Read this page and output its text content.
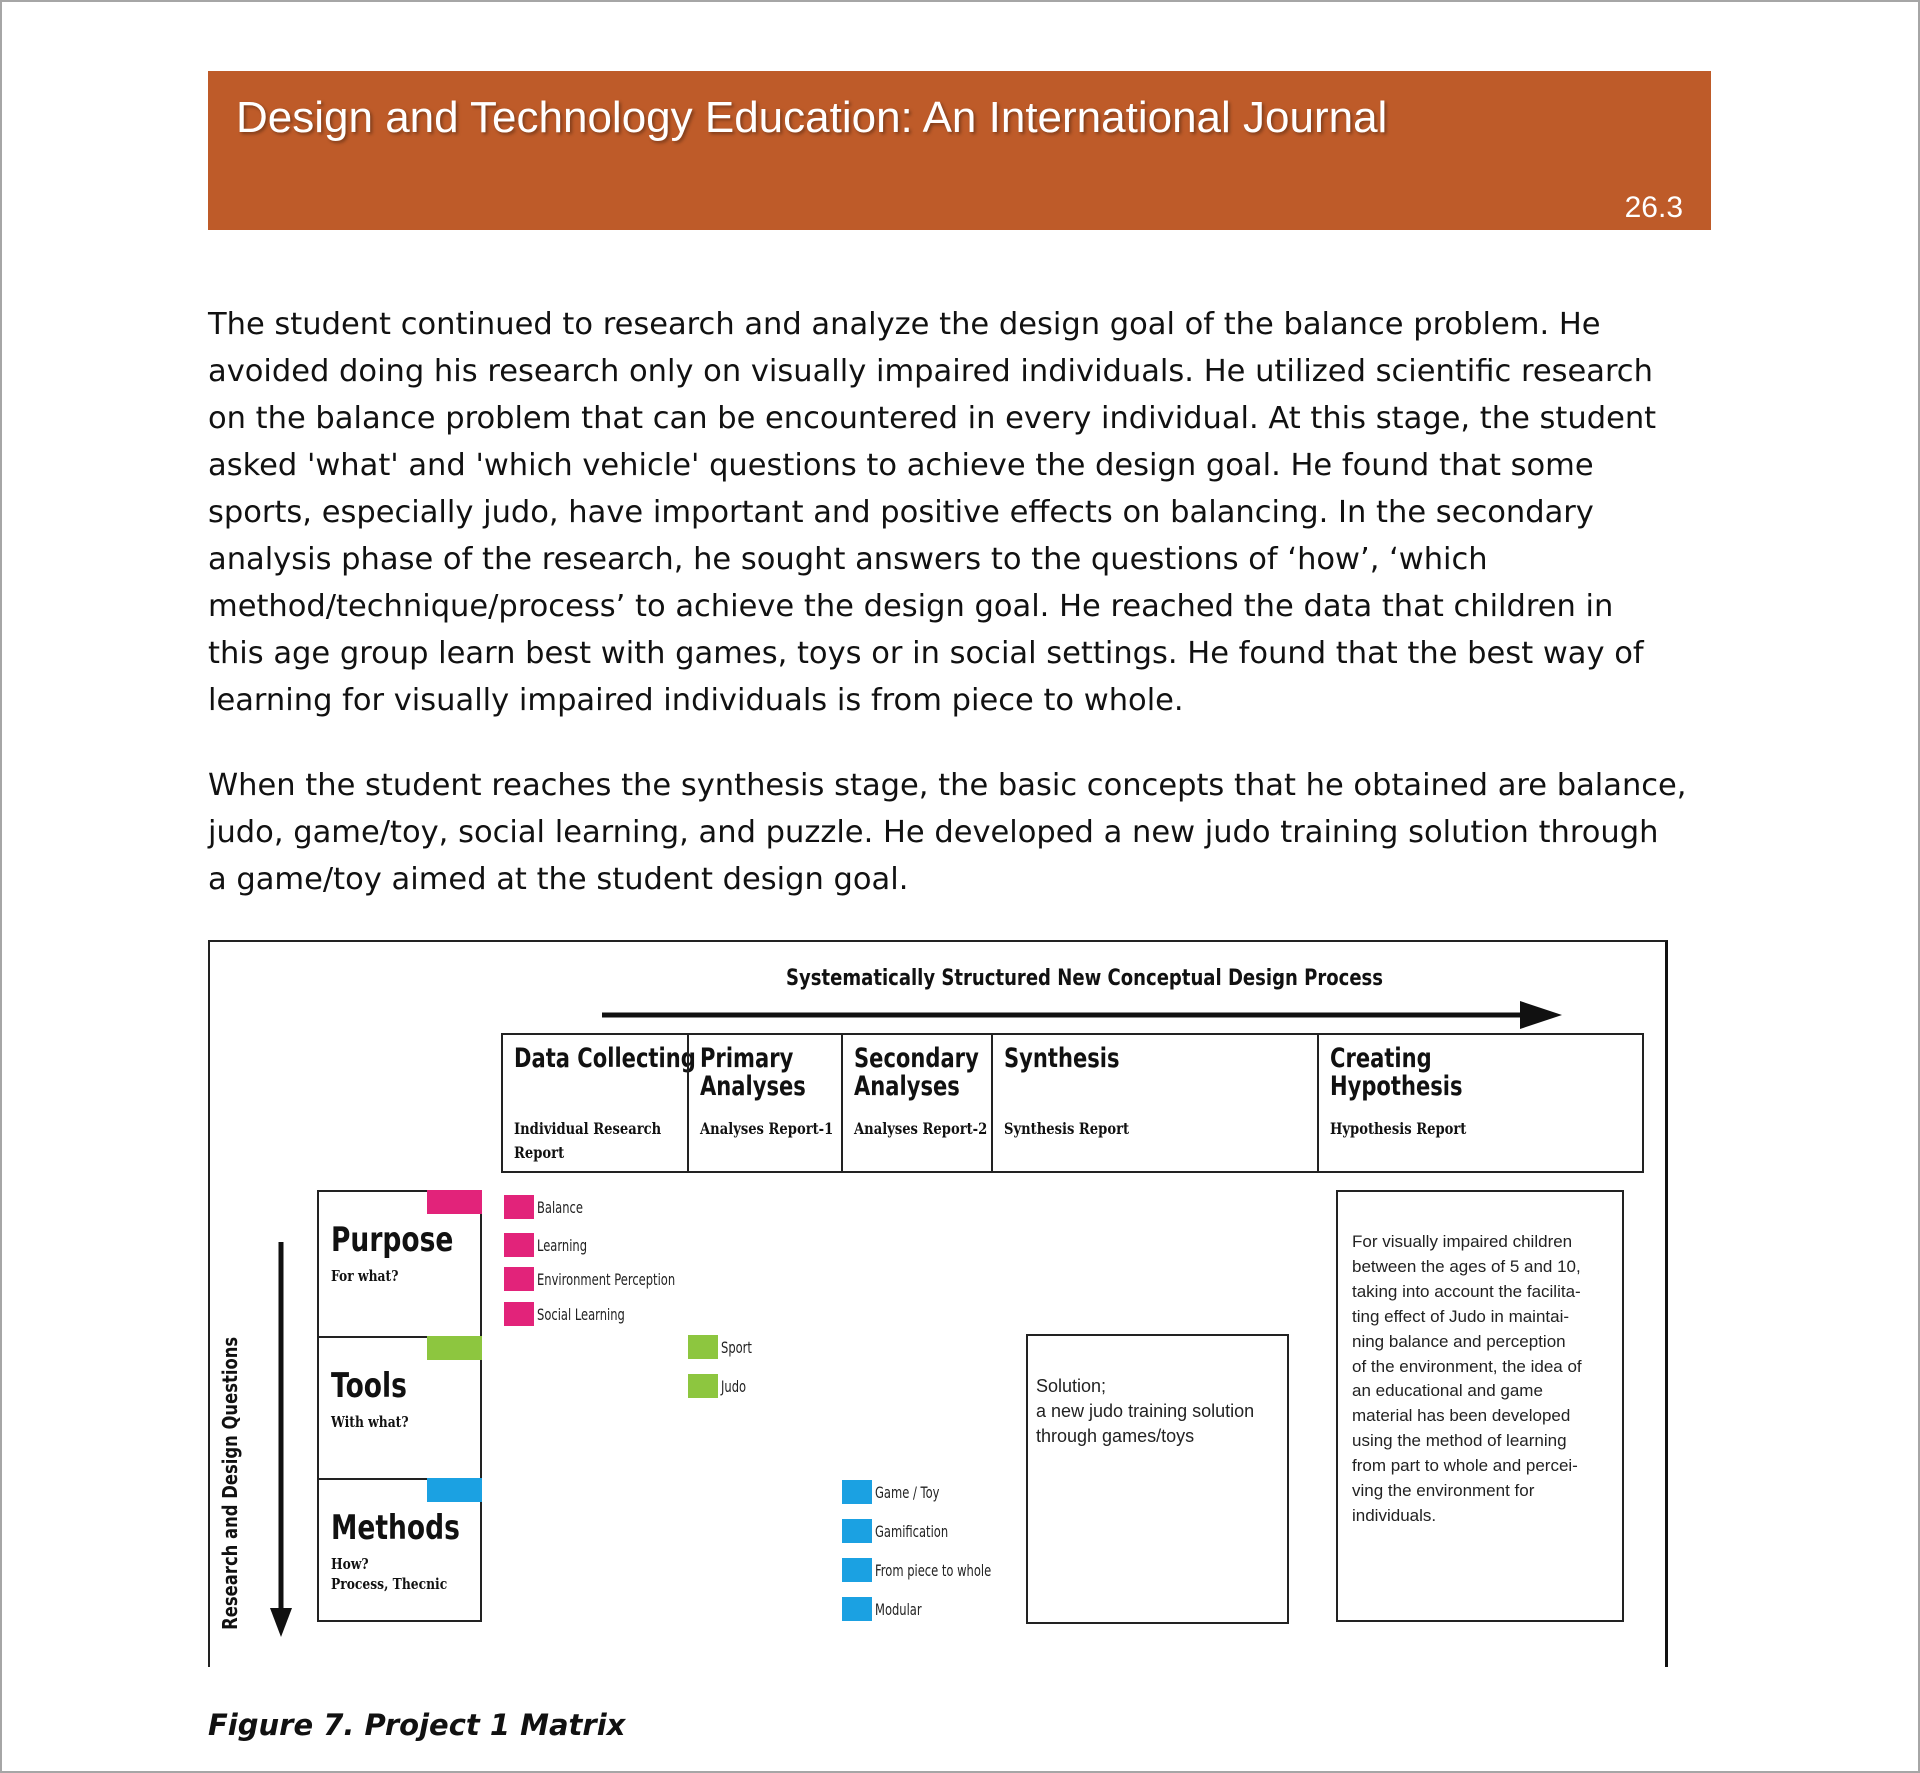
Design and Technology Education: An International Journal
26.3

The student continued to research and analyze the design goal of the balance problem. He
avoided doing his research only on visually impaired individuals. He utilized scientific research
on the balance problem that can be encountered in every individual. At this stage, the student
asked 'what' and 'which vehicle' questions to achieve the design goal. He found that some
sports, especially judo, have important and positive effects on balancing. In the secondary
analysis phase of the research, he sought answers to the questions of ‘how’, ‘which
method/technique/process’ to achieve the design goal. He reached the data that children in
this age group learn best with games, toys or in social settings. He found that the best way of
learning for visually impaired individuals is from piece to whole.

When the student reaches the synthesis stage, the basic concepts that he obtained are balance,
judo, game/toy, social learning, and puzzle. He developed a new judo training solution through
a game/toy aimed at the student design goal.

Systematically Structured New Conceptual Design Process
Data Collecting
Individual Research
Report
Primary
Analyses
Analyses Report-1
Secondary
Analyses
Analyses Report-2
Synthesis
Synthesis Report
Creating
Hypothesis
Hypothesis Report
Research and Design Questions
Purpose
For what?
Tools
With what?
Methods
How?
Process, Thecnic
Balance
Learning
Environment Perception
Social Learning
Sport
Judo
Game / Toy
Gamification
From piece to whole
Modular
Solution;
a new judo training solution
through games/toys
For visually impaired children
between the ages of 5 and 10,
taking into account the facilita-
ting effect of Judo in maintai-
ning balance and perception
of the environment, the idea of
an educational and game
material has been developed
using the method of learning
from part to whole and percei-
ving the environment for
individuals.
Figure 7. Project 1 Matrix
